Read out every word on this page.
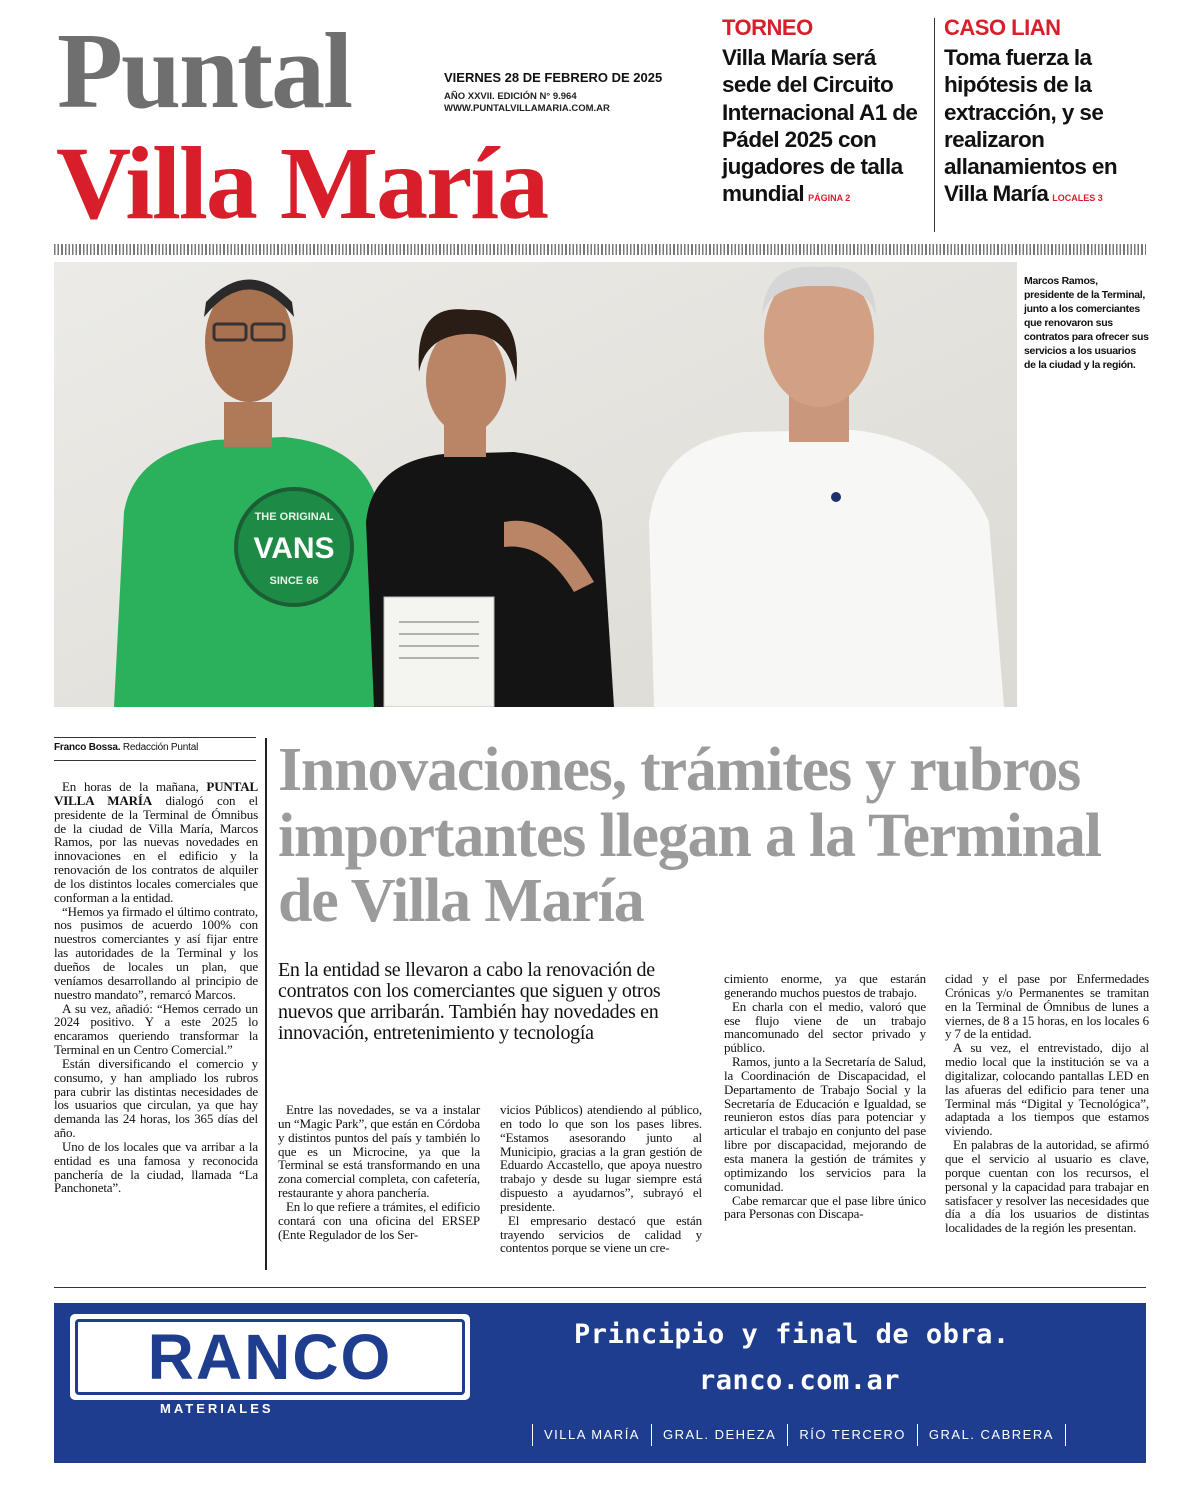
Puntal
Villa María
VIERNES 28 DE FEBRERO DE 2025
AÑO XXVII. EDICIÓN N° 9.964
WWW.PUNTALVILLAMARIA.COM.AR
TORNEO
Villa María será sede del Circuito Internacional A1 de Pádel 2025 con jugadores de talla mundial PÁGINA 2
CASO LIAN
Toma fuerza la hipótesis de la extracción, y se realizaron allanamientos en Villa María LOCALES 3
THE ORIGINAL
VANS
SINCE 66
Marcos Ramos, presidente de la Terminal, junto a los comerciantes que renovaron sus contratos para ofrecer sus servicios a los usuarios de la ciudad y la región.
Franco Bossa. Redacción Puntal	Innovaciones, trámites y rubros importantes llegan a la Terminal de Villa María
En la entidad se llevaron a cabo la renovación de contratos con los comerciantes que siguen y otros nuevos que arribarán. También hay novedades en innovación, entretenimiento y tecnología

En horas de la mañana, PUNTAL VILLA MARÍA dialogó con el presidente de la Terminal de Ómnibus de la ciudad de Villa María, Marcos Ramos, por las nuevas novedades en innovaciones en el edificio y la renovación de los contratos de alquiler de los distintos locales comerciales que conforman a la entidad.

“Hemos ya firmado el último contrato, nos pusimos de acuerdo 100% con nuestros comerciantes y así fijar entre las autoridades de la Terminal y los dueños de locales un plan, que veníamos desarrollando al principio de nuestro mandato”, remarcó Marcos.

A su vez, añadió: “Hemos cerrado un 2024 positivo. Y a este 2025 lo encaramos queriendo transformar la Terminal en un Centro Comercial.”

Están diversificando el comercio y consumo, y han ampliado los rubros para cubrir las distintas necesidades de los usuarios que circulan, ya que hay demanda las 24 horas, los 365 días del año.

Uno de los locales que va arribar a la entidad es una famosa y reconocida panchería de la ciudad, llamada “La Panchoneta”.

Entre las novedades, se va a instalar un “Magic Park”, que están en Córdoba y distintos puntos del país y también lo que es un Microcine, ya que la Terminal se está transformando en una zona comercial completa, con cafetería, restaurante y ahora panchería.

En lo que refiere a trámites, el edificio contará con una oficina del ERSEP (Ente Regulador de los Ser-

vicios Públicos) atendiendo al público, en todo lo que son los pases libres. “Estamos asesorando junto al Municipio, gracias a la gran gestión de Eduardo Accastello, que apoya nuestro trabajo y desde su lugar siempre está dispuesto a ayudarnos”, subrayó el presidente.

El empresario destacó que están trayendo servicios de calidad y contentos porque se viene un cre-

cimiento enorme, ya que estarán generando muchos puestos de trabajo.

En charla con el medio, valoró que ese flujo viene de un trabajo mancomunado del sector privado y público.

Ramos, junto a la Secretaría de Salud, la Coordinación de Discapacidad, el Departamento de Trabajo Social y la Secretaría de Educación e Igualdad, se reunieron estos días para potenciar y articular el trabajo en conjunto del pase libre por discapacidad, mejorando de esta manera la gestión de trámites y optimizando los servicios para la comunidad.

Cabe remarcar que el pase libre único para Personas con Discapa-

cidad y el pase por Enfermedades Crónicas y/o Permanentes se tramitan en la Terminal de Ómnibus de lunes a viernes, de 8 a 15 horas, en los locales 6 y 7 de la entidad.

A su vez, el entrevistado, dijo al medio local que la institución se va a digitalizar, colocando pantallas LED en las afueras del edificio para tener una Terminal más “Digital y Tecnológica”, adaptada a los tiempos que estamos viviendo.

En palabras de la autoridad, se afirmó que el servicio al usuario es clave, porque cuentan con los recursos, el personal y la capacidad para trabajar en satisfacer y resolver las necesidades que día a día los usuarios de distintas localidades de la región les presentan.

RANCO
MATERIALES
Principio y final de obra.
ranco.com.ar
VILLA MARÍA	GRAL. DEHEZA	RÍO TERCERO	GRAL. CABRERA
